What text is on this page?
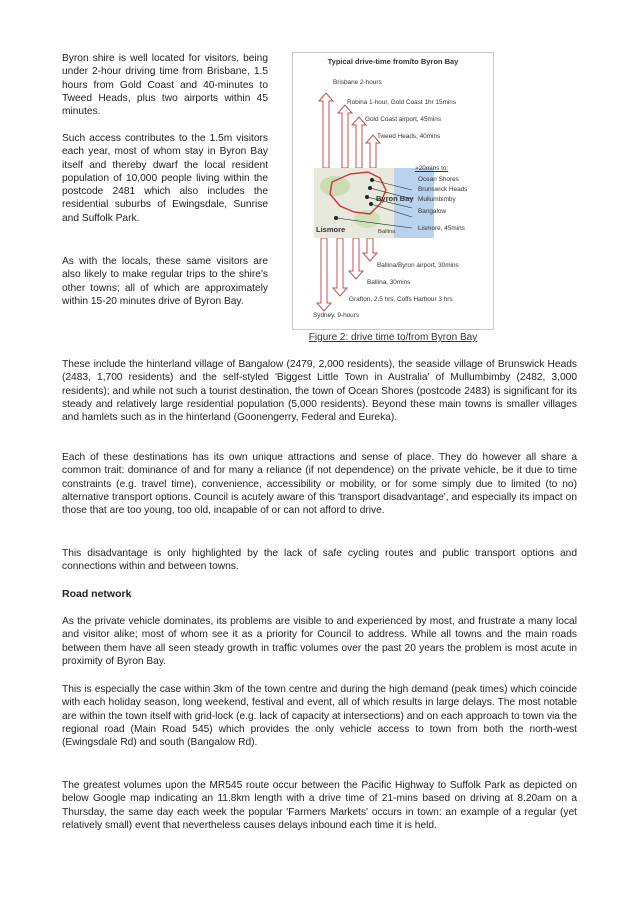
Byron shire is well located for visitors, being under 2-hour driving time from Brisbane, 1.5 hours from Gold Coast and 40-minutes to Tweed Heads, plus two airports within 45 minutes.

Such access contributes to the 1.5m visitors each year, most of whom stay in Byron Bay itself and thereby dwarf the local resident population of 10,000 people living within the postcode 2481 which also includes the residential suburbs of Ewingsdale, Sunrise and Suffolk Park.

As with the locals, these same visitors are also likely to make regular trips to the shire's other towns; all of which are approximately within 15-20 minutes drive of Byron Bay.

Typical drive-time from/to Byron Bay
Brisbane 2-hours
Robina 1-hour, Gold Coast 1hr 15mins
Gold Coast airport, 45mins
Tweed Heads, 40mins
Byron Bay
Lismore	Ballina
>20mins to:
Ocean Shores
Brunswick Heads
Mullumbimby
Bangalow
Lismore, 45mins
Ballina/Byron airport, 30mins
Ballina, 30mins
Grafton, 2.5 hrs, Coffs Harbour 3 hrs
Sydney, 9-hours

Figure 2: drive time to/from Byron Bay

These include the hinterland village of Bangalow (2479, 2,000 residents), the seaside village of Brunswick Heads (2483, 1,700 residents) and the self-styled 'Biggest Little Town in Australia' of Mullumbimby (2482, 3,000 residents); and while not such a tourist destination, the town of Ocean Shores (postcode 2483) is significant for its steady and relatively large residential population (5,000 residents). Beyond these main towns is smaller villages and hamlets such as in the hinterland (Goonengerry, Federal and Eureka).

Each of these destinations has its own unique attractions and sense of place. They do however all share a common trait: dominance of and for many a reliance (if not dependence) on the private vehicle, be it due to time constraints (e.g. travel time), convenience, accessibility or mobility, or for some simply due to limited (to no) alternative transport options. Council is acutely aware of this 'transport disadvantage', and especially its impact on those that are too young, too old, incapable of or can not afford to drive.

This disadvantage is only highlighted by the lack of safe cycling routes and public transport options and connections within and between towns.

Road network

As the private vehicle dominates, its problems are visible to and experienced by most, and frustrate a many local and visitor alike; most of whom see it as a priority for Council to address. While all towns and the main roads between them have all seen steady growth in traffic volumes over the past 20 years the problem is most acute in proximity of Byron Bay.

This is especially the case within 3km of the town centre and during the high demand (peak times) which coincide with each holiday season, long weekend, festival and event, all of which results in large delays. The most notable are within the town itself with grid-lock (e.g. lack of capacity at intersections) and on each approach to town via the regional road (Main Road 545) which provides the only vehicle access to town from both the north-west (Ewingsdale Rd) and south (Bangalow Rd).

The greatest volumes upon the MR545 route occur between the Pacific Highway to Suffolk Park as depicted on below Google map indicating an 11.8km length with a drive time of 21-mins based on driving at 8.20am on a Thursday, the same day each week the popular 'Farmers Markets' occurs in town: an example of a regular (yet relatively small) event that nevertheless causes delays inbound each time it is held.
